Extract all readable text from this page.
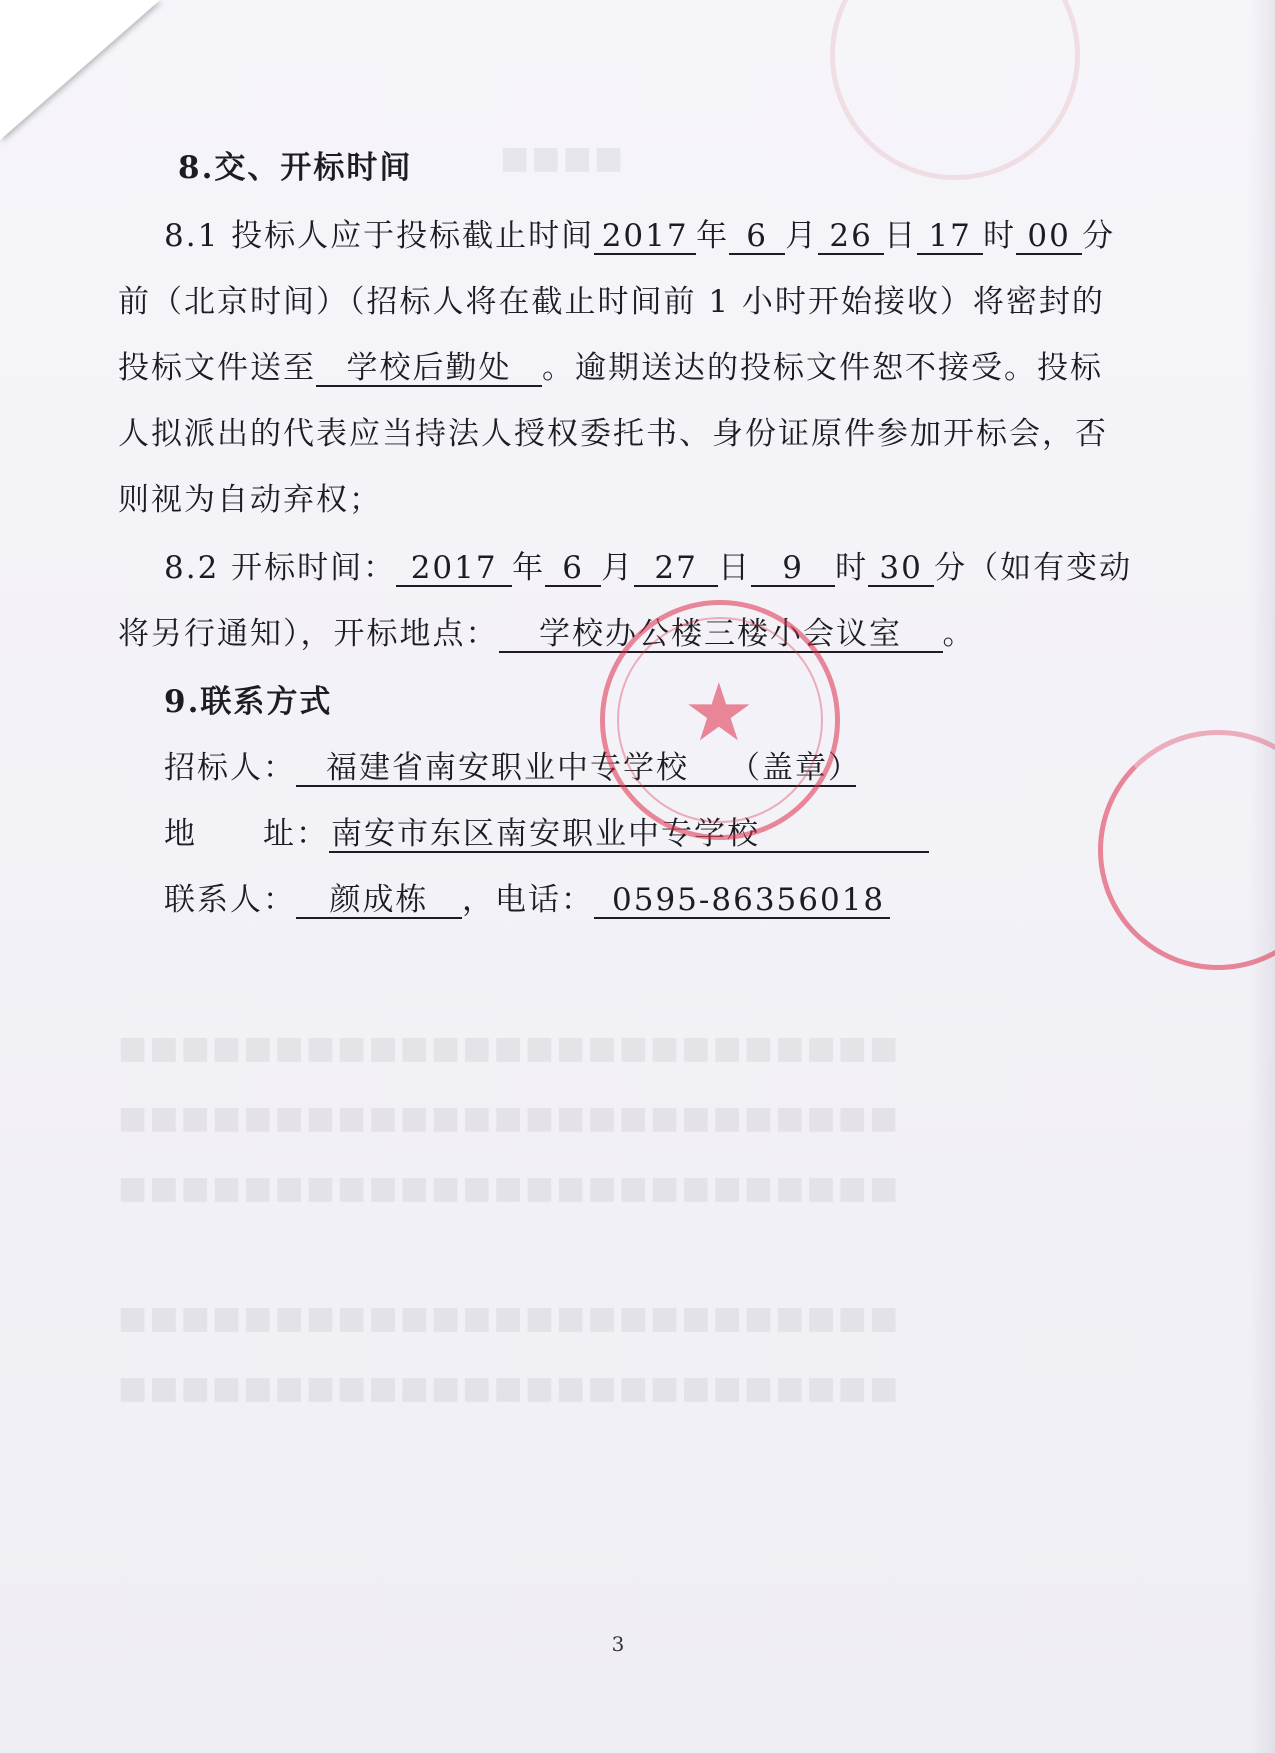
■■■■
■■■■■■■■■■■■■■■■■■■■■■■■■
■■■■■■■■■■■■■■■■■■■■■■■■■
■■■■■■■■■■■■■■■■■■■■■■■■■
■■■■■■■■■■■■■■■■■■■■■■■■■
■■■■■■■■■■■■■■■■■■■■■■■■■
8.交、开标时间
8.1 投标人应于投标截止时间 2017 年 6 月 26 日 17 时 00 分
前（北京时间）（招标人将在截止时间前 1 小时开始接收）将密封的
投标文件送至 学校后勤处 。逾期送达的投标文件恕不接受。投标
人拟派出的代表应当持法人授权委托书、身份证原件参加开标会，否
则视为自动弃权；
8.2 开标时间： 2017 年 6 月 27 日 9 时 30 分（如有变动
将另行通知），开标地点： 学校办公楼三楼小会议室 。
9.联系方式
招标人： 福建省南安职业中专学校 （盖章）
地　　址：南安市东区南安职业中专学校
联系人： 颜成栋 ，电话： 0595-86356018
★
3
